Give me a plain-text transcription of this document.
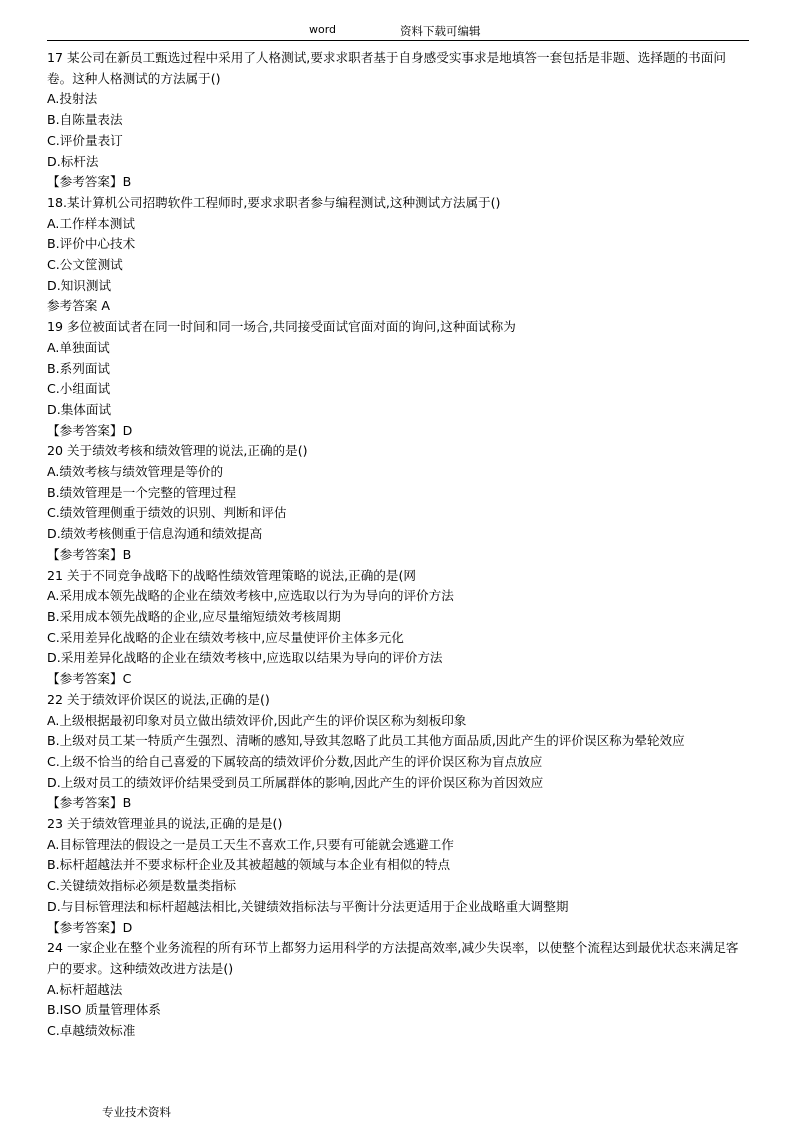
word	资料下载可编辑
17 某公司在新员工甄选过程中采用了人格测试,要求求职者基于自身感受实事求是地填答一套包括是非题、选择题的书面问卷。这种人格测试的方法属于()
A.投射法
B.自陈量表法
C.评价量表订
D.标杆法
【参考答案】B
18.某计算机公司招聘软件工程师时,要求求职者参与编程测试,这种测试方法属于()
A.工作样本测试
B.评价中心技术
C.公文筐测试
D.知识测试
参考答案 A
19 多位被面试者在同一时间和同一场合,共同接受面试官面对面的询问,这种面试称为
A.单独面试
B.系列面试
C.小组面试
D.集体面试
【参考答案】D
20 关于绩效考核和绩效管理的说法,正确的是()
A.绩效考核与绩效管理是等价的
B.绩效管理是一个完整的管理过程
C.绩效管理侧重于绩效的识别、判断和评估
D.绩效考核侧重于信息沟通和绩效提高
【参考答案】B
21 关于不同竞争战略下的战略性绩效管理策略的说法,正确的是(网
A.采用成本领先战略的企业在绩效考核中,应选取以行为为导向的评价方法
B.采用成本领先战略的企业,应尽量缩短绩效考核周期
C.采用差异化战略的企业在绩效考核中,应尽量使评价主体多元化
D.采用差异化战略的企业在绩效考核中,应选取以结果为导向的评价方法
【参考答案】C
22 关于绩效评价误区的说法,正确的是()
A.上级根据最初印象对员立做出绩效评价,因此产生的评价误区称为刻板印象
B.上级对员工某一特质产生强烈、清晰的感知,导致其忽略了此员工其他方面品质,因此产生的评价误区称为晕轮效应
C.上级不恰当的给自己喜爱的下属较高的绩效评价分数,因此产生的评价误区称为盲点放应
D.上级对员工的绩效评价结果受到员工所属群体的影响,因此产生的评价误区称为首因效应
【参考答案】B
23 关于绩效管理並具的说法,正确的是是()
A.目标管理法的假设之一是员工天生不喜欢工作,只要有可能就会逃避工作
B.标杆超越法并不要求标杆企业及其被超越的领域与本企业有相似的特点
C.关键绩效指标必须是数量类指标
D.与目标管理法和标杆超越法相比,关键绩效指标法与平衡计分法更适用于企业战略重大调整期
【参考答案】D
24 一家企业在整个业务流程的所有环节上都努力运用科学的方法提高效率,减少失误率，以使整个流程达到最优状态来满足客户的要求。这种绩效改进方法是()
A.标杆超越法
B.ISO 质量管理体系
C.卓越绩效标准
专业技术资料
